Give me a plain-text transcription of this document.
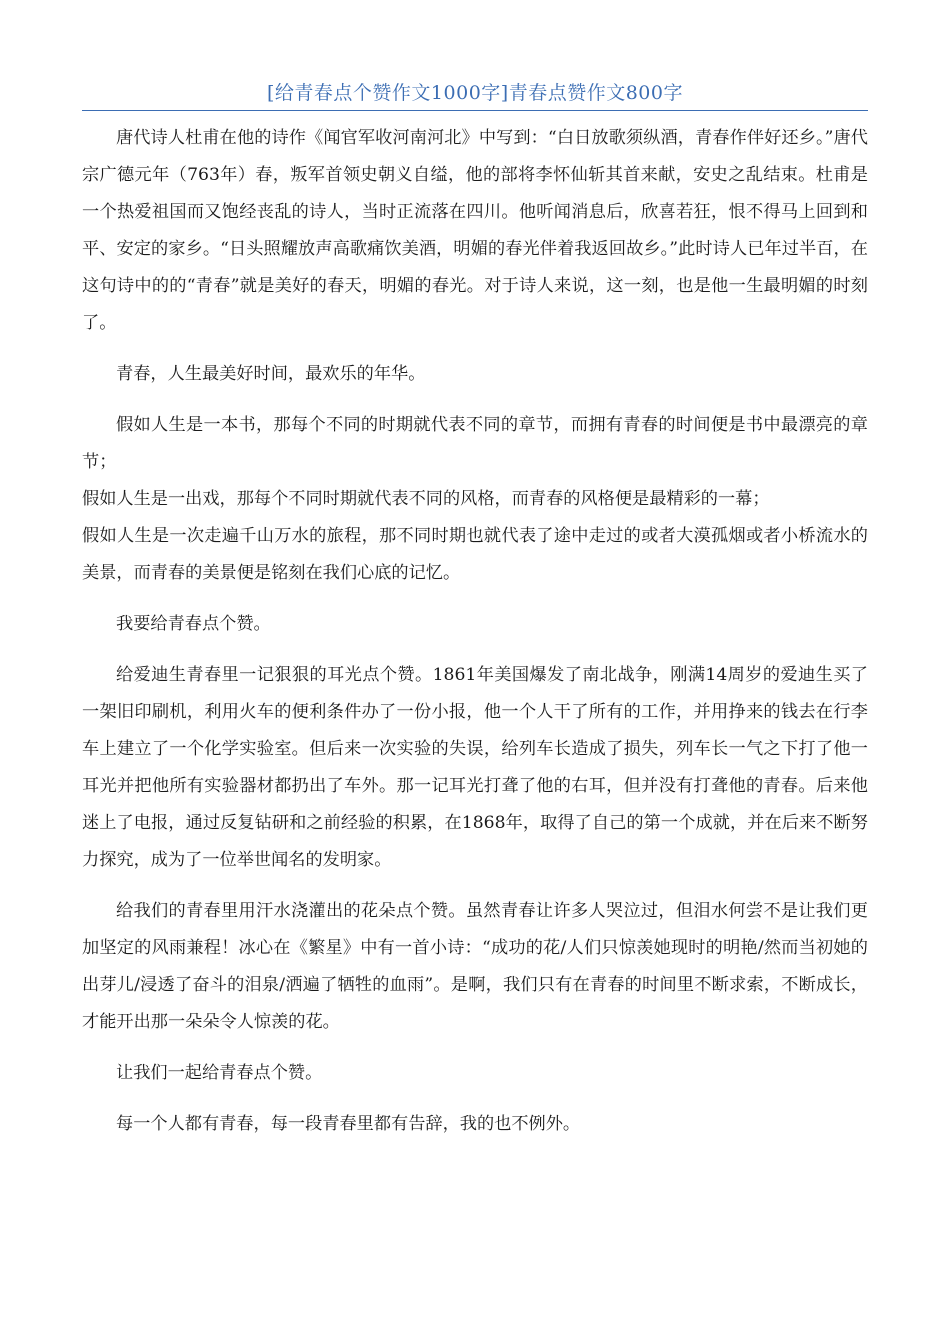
[给青春点个赞作文1000字]青春点赞作文800字

唐代诗人杜甫在他的诗作《闻官军收河南河北》中写到：“白日放歌须纵酒，青春作伴好还乡。”唐代宗广德元年（763年）春，叛军首领史朝义自缢，他的部将李怀仙斩其首来献，安史之乱结束。杜甫是一个热爱祖国而又饱经丧乱的诗人，当时正流落在四川。他听闻消息后，欣喜若狂，恨不得马上回到和平、安定的家乡。“日头照耀放声高歌痛饮美酒，明媚的春光伴着我返回故乡。”此时诗人已年过半百，在这句诗中的的“青春”就是美好的春天，明媚的春光。对于诗人来说，这一刻，也是他一生最明媚的时刻了。

青春，人生最美好时间，最欢乐的年华。

假如人生是一本书，那每个不同的时期就代表不同的章节，而拥有青春的时间便是书中最漂亮的章节；

假如人生是一出戏，那每个不同时期就代表不同的风格，而青春的风格便是最精彩的一幕；

假如人生是一次走遍千山万水的旅程，那不同时期也就代表了途中走过的或者大漠孤烟或者小桥流水的美景，而青春的美景便是铭刻在我们心底的记忆。

我要给青春点个赞。

给爱迪生青春里一记狠狠的耳光点个赞。1861年美国爆发了南北战争，刚满14周岁的爱迪生买了一架旧印刷机，利用火车的便利条件办了一份小报，他一个人干了所有的工作，并用挣来的钱去在行李车上建立了一个化学实验室。但后来一次实验的失误，给列车长造成了损失，列车长一气之下打了他一耳光并把他所有实验器材都扔出了车外。那一记耳光打聋了他的右耳，但并没有打聋他的青春。后来他迷上了电报，通过反复钻研和之前经验的积累，在1868年，取得了自己的第一个成就，并在后来不断努力探究，成为了一位举世闻名的发明家。

给我们的青春里用汗水浇灌出的花朵点个赞。虽然青春让许多人哭泣过，但泪水何尝不是让我们更加坚定的风雨兼程！冰心在《繁星》中有一首小诗：“成功的花/人们只惊羡她现时的明艳/然而当初她的出芽儿/浸透了奋斗的泪泉/洒遍了牺牲的血雨”。是啊，我们只有在青春的时间里不断求索，不断成长，才能开出那一朵朵令人惊羡的花。

让我们一起给青春点个赞。

每一个人都有青春，每一段青春里都有告辞，我的也不例外。
